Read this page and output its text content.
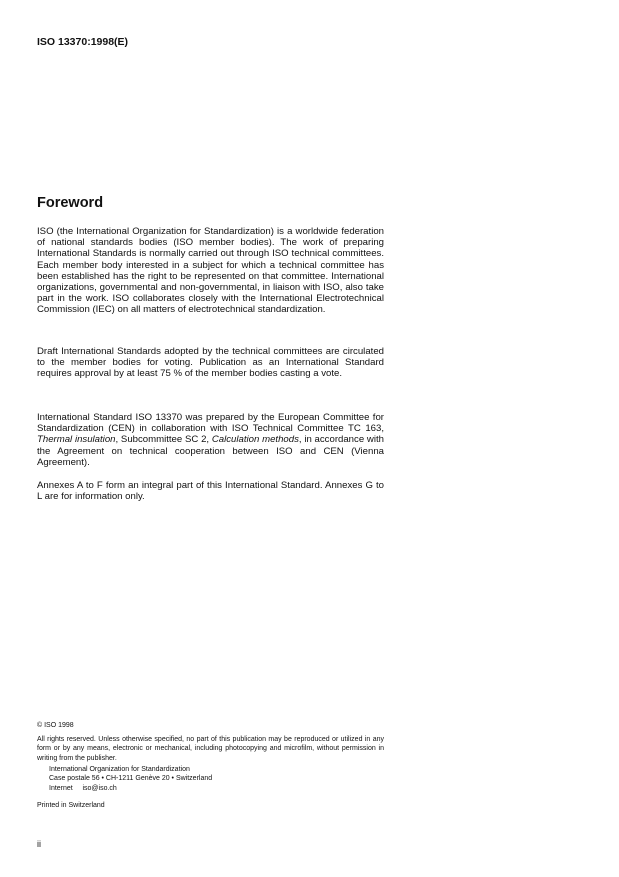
ISO 13370:1998(E)
Foreword

ISO (the International Organization for Standardization) is a worldwide federation of national standards bodies (ISO member bodies). The work of preparing International Standards is normally carried out through ISO technical committees. Each member body interested in a subject for which a technical committee has been established has the right to be represented on that committee. International organizations, governmental and non-governmental, in liaison with ISO, also take part in the work. ISO collaborates closely with the International Electrotechnical Commission (IEC) on all matters of electrotechnical standardization.

Draft International Standards adopted by the technical committees are circulated to the member bodies for voting. Publication as an International Standard requires approval by at least 75 % of the member bodies casting a vote.

International Standard ISO 13370 was prepared by the European Committee for Standardization (CEN) in collaboration with ISO Technical Committee TC 163, Thermal insulation, Subcommittee SC 2, Calculation methods, in accordance with the Agreement on technical cooperation between ISO and CEN (Vienna Agreement).

Annexes A to F form an integral part of this International Standard. Annexes G to L are for information only.

© ISO 1998
All rights reserved. Unless otherwise specified, no part of this publication may be reproduced or utilized in any form or by any means, electronic or mechanical, including photocopying and microfilm, without permission in writing from the publisher.
International Organization for Standardization
Case postale 56 • CH-1211 Genève 20 • Switzerland
Internet iso@iso.ch
Printed in Switzerland
ii
